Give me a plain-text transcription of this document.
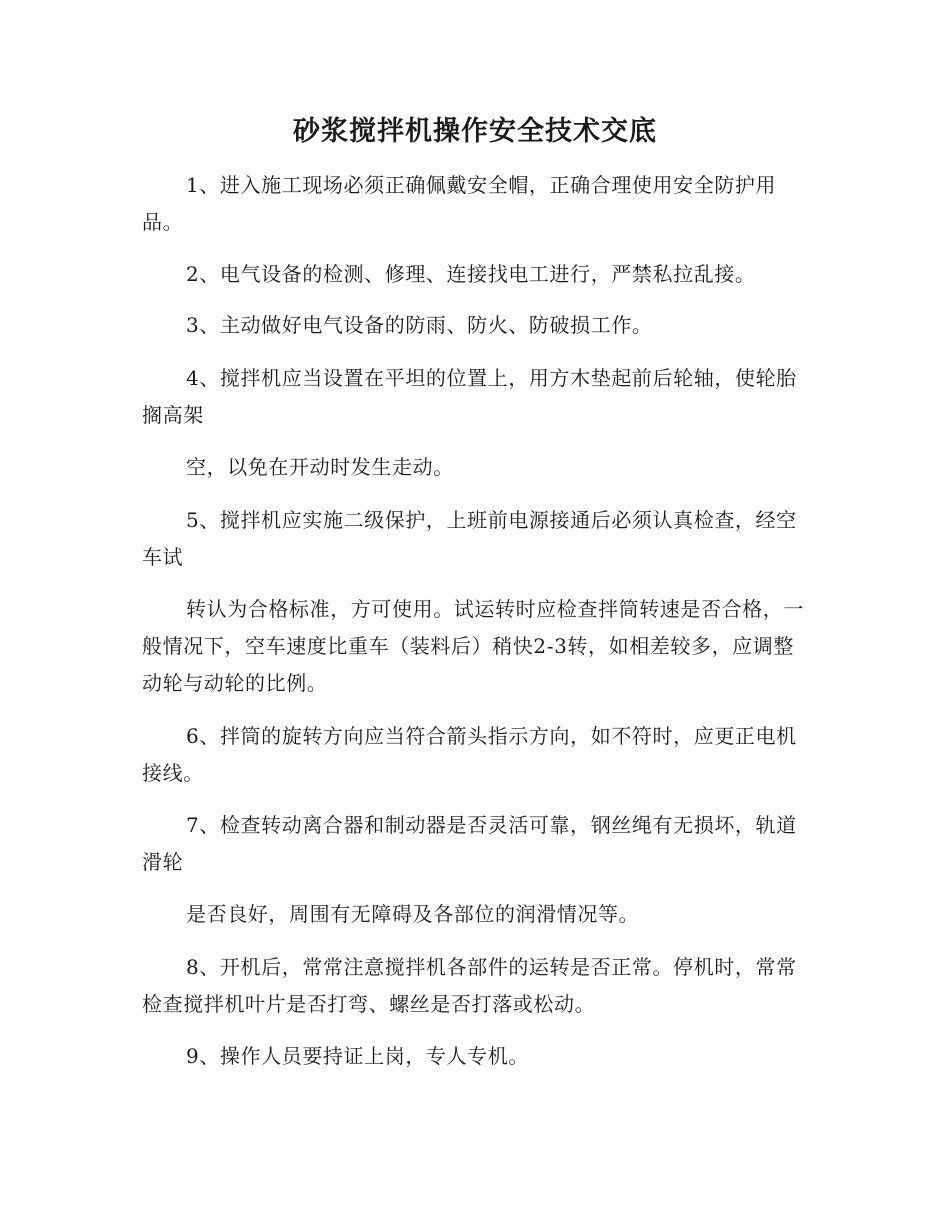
砂浆搅拌机操作安全技术交底

1、进入施工现场必须正确佩戴安全帽，正确合理使用安全防护用品。

2、电气设备的检测、修理、连接找电工进行，严禁私拉乱接。

3、主动做好电气设备的防雨、防火、防破损工作。

4、搅拌机应当设置在平坦的位置上，用方木垫起前后轮轴，使轮胎搁高架

空，以免在开动时发生走动。

5、搅拌机应实施二级保护，上班前电源接通后必须认真检查，经空车试

转认为合格标准，方可使用。试运转时应检查拌筒转速是否合格，一般情况下，空车速度比重车（装料后）稍快2-3转，如相差较多，应调整动轮与动轮的比例。

6、拌筒的旋转方向应当符合箭头指示方向，如不符时，应更正电机接线。

7、检查转动离合器和制动器是否灵活可靠，钢丝绳有无损坏，轨道滑轮

是否良好，周围有无障碍及各部位的润滑情况等。

8、开机后，常常注意搅拌机各部件的运转是否正常。停机时，常常检查搅拌机叶片是否打弯、螺丝是否打落或松动。

9、操作人员要持证上岗，专人专机。
